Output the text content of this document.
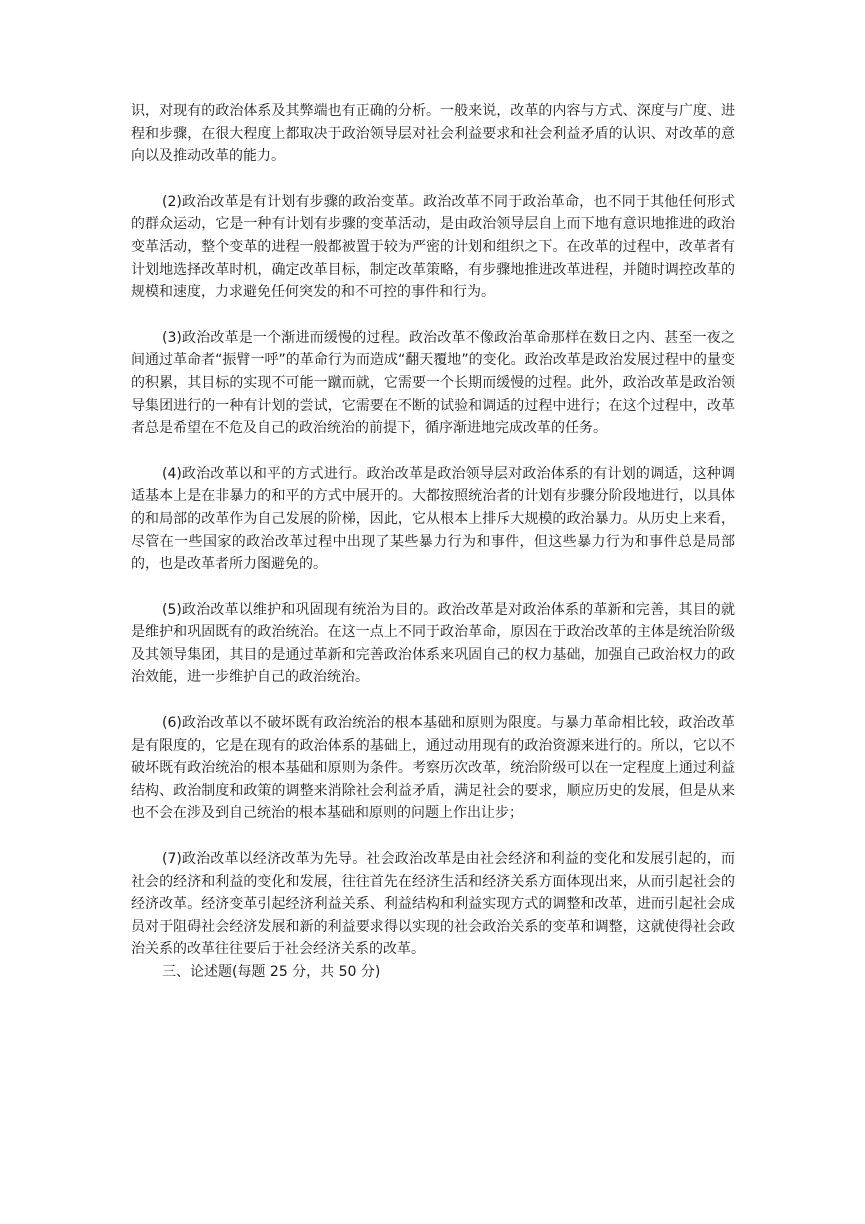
识，对现有的政治体系及其弊端也有正确的分析。一般来说，改革的内容与方式、深度与广度、进程和步骤，在很大程度上都取决于政治领导层对社会利益要求和社会利益矛盾的认识、对改革的意向以及推动改革的能力。

(2)政治改革是有计划有步骤的政治变革。政治改革不同于政治革命，也不同于其他任何形式的群众运动，它是一种有计划有步骤的变革活动，是由政治领导层自上而下地有意识地推进的政治变革活动，整个变革的进程一般都被置于较为严密的计划和组织之下。在改革的过程中，改革者有计划地选择改革时机，确定改革目标，制定改革策略，有步骤地推进改革进程，并随时调控改革的规模和速度，力求避免任何突发的和不可控的事件和行为。

(3)政治改革是一个渐进而缓慢的过程。政治改革不像政治革命那样在数日之内、甚至一夜之间通过革命者“振臂一呼”的革命行为而造成“翻天覆地”的变化。政治改革是政治发展过程中的量变的积累，其目标的实现不可能一蹴而就，它需要一个长期而缓慢的过程。此外，政治改革是政治领导集团进行的一种有计划的尝试，它需要在不断的试验和调适的过程中进行；在这个过程中，改革者总是希望在不危及自己的政治统治的前提下，循序渐进地完成改革的任务。

(4)政治改革以和平的方式进行。政治改革是政治领导层对政治体系的有计划的调适，这种调适基本上是在非暴力的和平的方式中展开的。大都按照统治者的计划有步骤分阶段地进行，以具体的和局部的改革作为自己发展的阶梯，因此，它从根本上排斥大规模的政治暴力。从历史上来看，尽管在一些国家的政治改革过程中出现了某些暴力行为和事件，但这些暴力行为和事件总是局部的，也是改革者所力图避免的。

(5)政治改革以维护和巩固现有统治为目的。政治改革是对政治体系的革新和完善，其目的就是维护和巩固既有的政治统治。在这一点上不同于政治革命，原因在于政治改革的主体是统治阶级及其领导集团，其目的是通过革新和完善政治体系来巩固自己的权力基础，加强自己政治权力的政治效能，进一步维护自己的政治统治。

(6)政治改革以不破坏既有政治统治的根本基础和原则为限度。与暴力革命相比较，政治改革是有限度的，它是在现有的政治体系的基础上，通过动用现有的政治资源来进行的。所以，它以不破坏既有政治统治的根本基础和原则为条件。考察历次改革，统治阶级可以在一定程度上通过利益结构、政治制度和政策的调整来消除社会利益矛盾，满足社会的要求，顺应历史的发展，但是从来也不会在涉及到自己统治的根本基础和原则的问题上作出让步；

(7)政治改革以经济改革为先导。社会政治改革是由社会经济和利益的变化和发展引起的，而社会的经济和利益的变化和发展，往往首先在经济生活和经济关系方面体现出来，从而引起社会的经济改革。经济变革引起经济利益关系、利益结构和利益实现方式的调整和改革，进而引起社会成员对于阻碍社会经济发展和新的利益要求得以实现的社会政治关系的变革和调整，这就使得社会政治关系的改革往往要后于社会经济关系的改革。

三、论述题(每题 25 分，共 50 分)
